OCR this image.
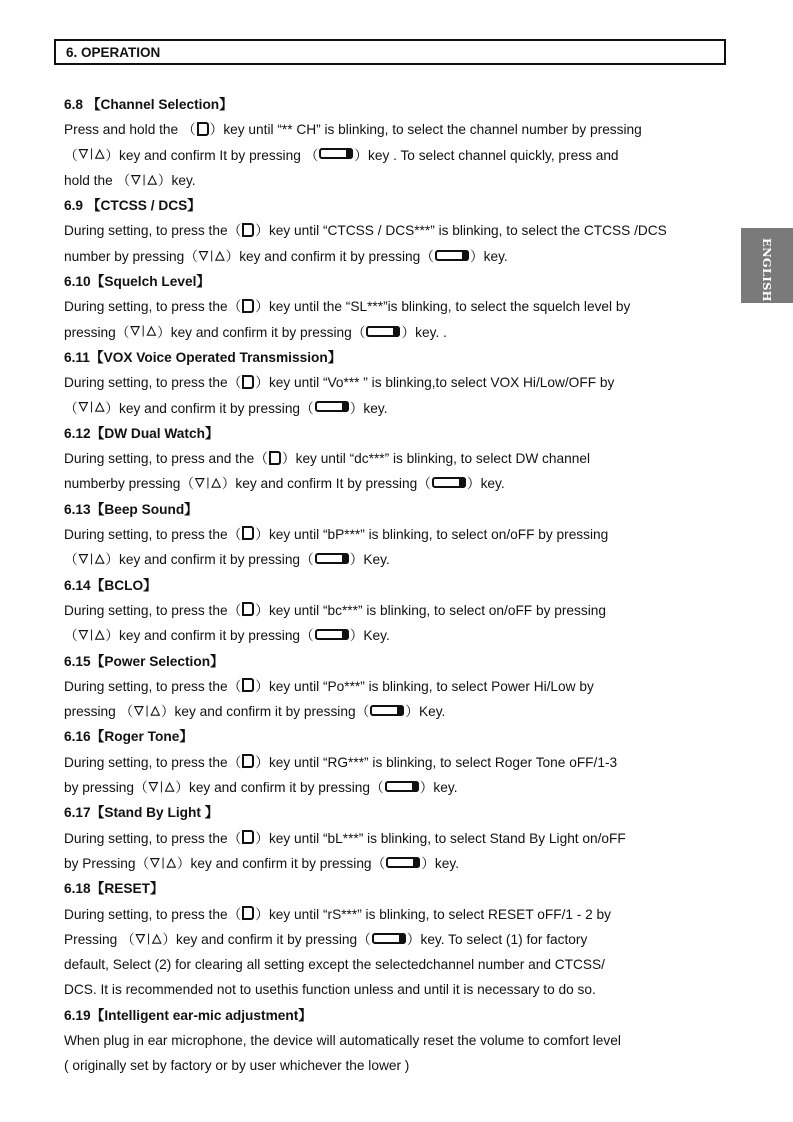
6. OPERATION
ENGLISH
6.8 【Channel Selection】
Press and hold the （ ）key until “** CH” is blinking, to select the channel number by pressing
（▽ | △）key and confirm It by pressing （	）key . To select channel quickly, press and
hold the （▽ | △）key.
6.9 【CTCSS / DCS】
During setting, to press the（ ）key until “CTCSS / DCS***” is blinking, to select the CTCSS /DCS
number by pressing（▽ | △）key and confirm it by pressing（	）key.
6.10【Squelch Level】
During setting, to press the（ ）key until the “SL***”is blinking, to select the squelch level by
pressing（▽ | △）key and confirm it by pressing（	）key. .
6.11【VOX Voice Operated Transmission】
During setting, to press the（ ）key until “Vo*** ” is blinking,to select VOX Hi/Low/OFF by
（▽ | △）key and confirm it by pressing（	）key.
6.12【DW Dual Watch】
During setting, to press and the（ ）key until “dc***” is blinking, to select DW channel
numberby pressing（▽ | △）key and confirm It by pressing（	）key.
6.13【Beep Sound】
During setting, to press the（ ）key until “bP***” is blinking, to select on/oFF by pressing
（▽ | △）key and confirm it by pressing（	）Key.
6.14【BCLO】
During setting, to press the（ ）key until “bc***” is blinking, to select on/oFF by pressing
（▽ | △）key and confirm it by pressing（	）Key.
6.15【Power Selection】
During setting, to press the（ ）key until “Po***” is blinking, to select Power Hi/Low by
pressing （▽ | △）key and confirm it by pressing（	）Key.
6.16【Roger Tone】
During setting, to press the（ ）key until “RG***” is blinking, to select Roger Tone oFF/1-3
by pressing（▽ | △）key and confirm it by pressing（	）key.
6.17【Stand By Light 】
During setting, to press the（ ）key until “bL***” is blinking, to select Stand By Light on/oFF
by Pressing（▽ | △）key and confirm it by pressing（	）key.
6.18【RESET】
During setting, to press the（ ）key until “rS***” is blinking, to select RESET oFF/1 - 2 by
Pressing （▽ | △）key and confirm it by pressing（	）key. To select (1) for factory
default, Select (2) for clearing all setting except the selectedchannel number and CTCSS/
DCS. It is recommended not to usethis function unless and until it is necessary to do so.
6.19【Intelligent ear-mic adjustment】
When plug in ear microphone, the device will automatically reset the volume to comfort level
( originally set by factory or by user whichever the lower )
